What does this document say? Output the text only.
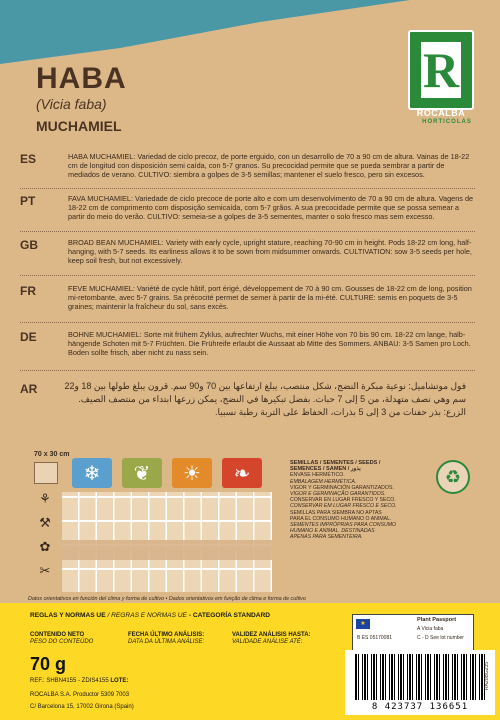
R
ROCALBA
HORTICOLAS
HABA
(Vicia faba)
MUCHAMIEL
ES	HABA MUCHAMIEL: Variedad de ciclo precoz, de porte erguido, con un desarrollo de 70 a 90 cm de altura. Vainas de 18-22 cm de longitud con disposición semi caída, con 5-7 granos. Su precocidad permite que se pueda sembrar a partir de mediados de verano. CULTIVO: siembra a golpes de 3-5 semillas; mantener el suelo fresco, pero sin excesos.
PT	FAVA MUCHAMIEL: Variedade de ciclo precoce de porte alto e com um desenvolvimento de 70 a 90 cm de altura. Vagens de 18-22 cm de comprimento com disposição semicaída, com 5-7 grãos. A sua precocidade permite que se possa semear a partir do meio do verão. CULTIVO: semeia-se a golpes de 3-5 sementes, manter o solo fresco mas sem excesso.
GB	BROAD BEAN MUCHAMIEL: Variety with early cycle, upright stature, reaching 70-90 cm in height. Pods 18-22 cm long, half-hanging, with 5-7 seeds. Its earliness allows it to be sown from midsummer onwards. CULTIVATION: sow 3-5 seeds per hole, keep soil fresh, but not excessively.
FR	FEVE MUCHAMIEL: Variété de cycle hâtif, port érigé, développement de 70 à 90 cm. Gousses de 18-22 cm de long, position mi-retombante, avec 5-7 grains. Sa précocité permet de semer à partir de la mi-été. CULTURE: semis en poquets de 3-5 graines; maintenir la fraîcheur du sol, sans excès.
DE	BOHNE MUCHAMIEL: Sorte mit frühem Zyklus, aufrechter Wuchs, mit einer Höhe von 70 bis 90 cm. 18-22 cm lange, halb-hängende Schoten mit 5-7 Früchten. Die Frühreife erlaubt die Aussaat ab Mitte des Sommers. ANBAU: 3-5 Samen pro Loch. Boden sollte frisch, aber nicht zu nass sein.
AR	فول موتشاميل: نوعية مبكرة النضج، شكل منتصب، يبلغ ارتفاعها بين 70 و90 سم. قرون يبلغ طولها بين 18 و22 سم وهي نصف متهدلة، من 5 إلى 7 حبات. بفضل تبكيرها في النضج، يمكن زرعها ابتداء من منتصف الصيف. الزرع: بذر حفنات من 3 إلى 5 بذرات، الحفاظ على التربة رطبة نسبيا.
70 x 30 cm
⚘
⚒
✿
✂
❄	❦	☀	❧	SEMILLAS / SEMENTES / SEEDS /
SEMENCES / SAMEN / بذور
ENVASE HERMÉTICO.
EMBALAGEM HERMÉTICA.
VIGOR Y GERMINACIÓN GARANTIZADOS.
VIGOR E GERMINAÇÃO GARANTIDOS.
CONSERVAR EN LUGAR FRESCO Y SECO.
CONSERVAR EM LUGAR FRESCO E SECO.
SEMILLAS PARA SIEMBRA NO APTAS
PARA EL CONSUMO HUMANO O ANIMAL.
SEMENTES IMPRÓPRIAS PARA CONSUMO
HUMANO E ANIMAL. DESTINADAS
APENAS PARA SEMENTEIRA.
♻
Datos orientativos en función del clima y forma de cultivo • Dados orientativos em função de clima e forma de cultivo
REGLAS Y NORMAS UE / REGRAS E NORMAS UE - CATEGORÍA STANDARD
CONTENIDO NETO
PESO DO CONTEÚDO
70 g
FECHA ÚLTIMO ANÁLISIS:
DATA DA ÚLTIMA ANÁLISE:
VALIDEZ ANÁLISIS HASTA:
VALIDADE ANÁLISE ATÉ:
REF.: SHBN4155 - ZDIS4155 LOTE:
ROCALBA S.A. Productor 5309 7003
C/ Barcelona 15, 17002 Girona (Spain)
★
Plant Passport
A Vicia faba
B ES 05170081	C - D See lot number
8 423737 136651
RA20BG235
